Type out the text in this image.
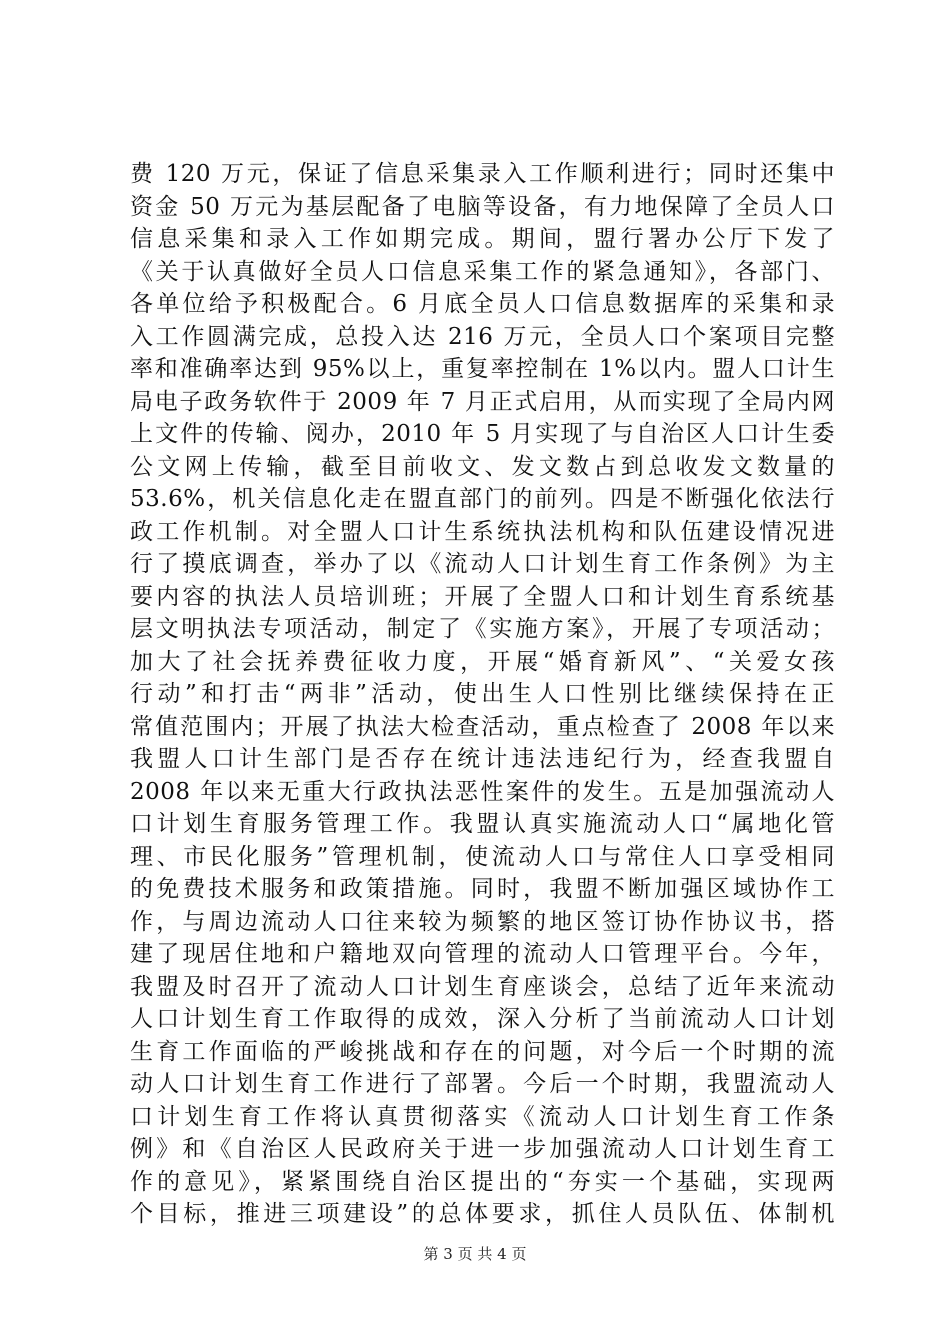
费 120 万元，保证了信息采集录入工作顺利进行；同时还集中
资金 50 万元为基层配备了电脑等设备，有力地保障了全员人口
信息采集和录入工作如期完成。期间，盟行署办公厅下发了
《关于认真做好全员人口信息采集工作的紧急通知》，各部门、
各单位给予积极配合。6 月底全员人口信息数据库的采集和录
入工作圆满完成，总投入达 216 万元，全员人口个案项目完整
率和准确率达到 95%以上，重复率控制在 1%以内。盟人口计生
局电子政务软件于 2009 年 7 月正式启用，从而实现了全局内网
上文件的传输、阅办，2010 年 5 月实现了与自治区人口计生委
公文网上传输，截至目前收文、发文数占到总收发文数量的
53.6%，机关信息化走在盟直部门的前列。四是不断强化依法行
政工作机制。对全盟人口计生系统执法机构和队伍建设情况进
行了摸底调查，举办了以《流动人口计划生育工作条例》为主
要内容的执法人员培训班；开展了全盟人口和计划生育系统基
层文明执法专项活动，制定了《实施方案》，开展了专项活动；
加大了社会抚养费征收力度，开展“婚育新风”、“关爱女孩
行动”和打击“两非”活动，使出生人口性别比继续保持在正
常值范围内；开展了执法大检查活动，重点检查了 2008 年以来
我盟人口计生部门是否存在统计违法违纪行为，经查我盟自
2008 年以来无重大行政执法恶性案件的发生。五是加强流动人
口计划生育服务管理工作。我盟认真实施流动人口“属地化管
理、市民化服务”管理机制，使流动人口与常住人口享受相同
的免费技术服务和政策措施。同时，我盟不断加强区域协作工
作，与周边流动人口往来较为频繁的地区签订协作协议书，搭
建了现居住地和户籍地双向管理的流动人口管理平台。今年，
我盟及时召开了流动人口计划生育座谈会，总结了近年来流动
人口计划生育工作取得的成效，深入分析了当前流动人口计划
生育工作面临的严峻挑战和存在的问题，对今后一个时期的流
动人口计划生育工作进行了部署。今后一个时期，我盟流动人
口计划生育工作将认真贯彻落实《流动人口计划生育工作条
例》和《自治区人民政府关于进一步加强流动人口计划生育工
作的意见》，紧紧围绕自治区提出的“夯实一个基础，实现两
个目标，推进三项建设”的总体要求，抓住人员队伍、体制机
第 3 页 共 4 页
